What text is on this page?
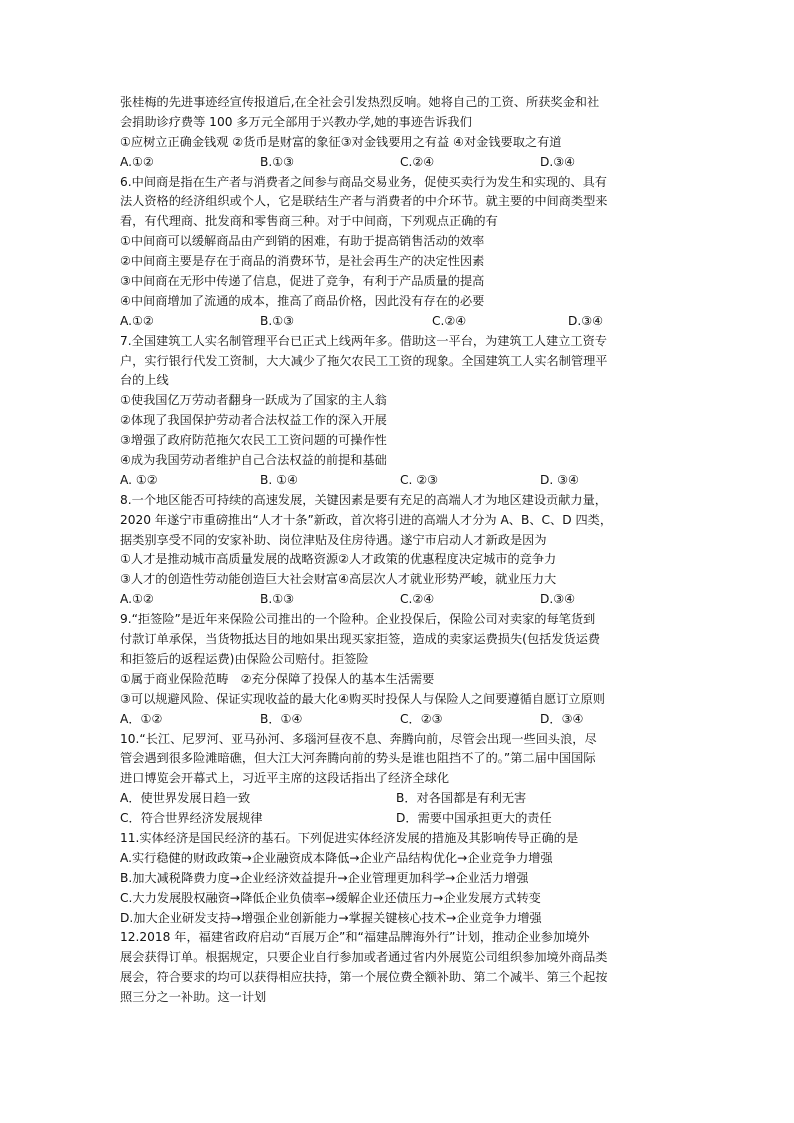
张桂梅的先进事迹经宣传报道后,在全社会引发热烈反响。她将自己的工资、所获奖金和社
会捐助诊疗费等 100 多万元全部用于兴教办学,她的事迹告诉我们
①应树立正确金钱观 ②货币是财富的象征③对金钱要用之有益 ④对金钱要取之有道
A.①②	B.①③	C.②④	D.③④
6.中间商是指在生产者与消费者之间参与商品交易业务，促使买卖行为发生和实现的、具有
法人资格的经济组织或个人，它是联结生产者与消费者的中介环节。就主要的中间商类型来
看，有代理商、批发商和零售商三种。对于中间商，下列观点正确的有
①中间商可以缓解商品由产到销的困难，有助于提高销售活动的效率
②中间商主要是存在于商品的消费环节，是社会再生产的决定性因素
③中间商在无形中传递了信息，促进了竞争，有利于产品质量的提高
④中间商增加了流通的成本，推高了商品价格，因此没有存在的必要
A.①②	B.①③	C.②④	D.③④
7.全国建筑工人实名制管理平台已正式上线两年多。借助这一平台，为建筑工人建立工资专
户，实行银行代发工资制，大大减少了拖欠农民工工资的现象。全国建筑工人实名制管理平
台的上线
①使我国亿万劳动者翻身一跃成为了国家的主人翁
②体现了我国保护劳动者合法权益工作的深入开展
③增强了政府防范拖欠农民工工资问题的可操作性
④成为我国劳动者维护自己合法权益的前提和基础
A. ①②	B. ①④	C. ②③	D. ③④
8.一个地区能否可持续的高速发展，关键因素是要有充足的高端人才为地区建设贡献力量，
2020 年遂宁市重磅推出“人才十条”新政，首次将引进的高端人才分为 A、B、C、D 四类，
据类别享受不同的安家补助、岗位津贴及住房待遇。遂宁市启动人才新政是因为
①人才是推动城市高质量发展的战略资源②人才政策的优惠程度决定城市的竞争力
③人才的创造性劳动能创造巨大社会财富④高层次人才就业形势严峻，就业压力大
A.①②	B.①③	C.②④	D.③④
9.“拒签险”是近年来保险公司推出的一个险种。企业投保后，保险公司对卖家的每笔货到
付款订单承保，当货物抵达目的地如果出现买家拒签，造成的卖家运费损失(包括发货运费
和拒签后的返程运费)由保险公司赔付。拒签险
①属于商业保险范畴　②充分保障了投保人的基本生活需要
③可以规避风险、保证实现收益的最大化④购买时投保人与保险人之间要遵循自愿订立原则
A．①②	B．①④	C．②③	D．③④
10.“长江、尼罗河、亚马孙河、多瑙河昼夜不息、奔腾向前，尽管会出现一些回头浪，尽
管会遇到很多险滩暗礁，但大江大河奔腾向前的势头是谁也阻挡不了的。”第二届中国国际
进口博览会开幕式上，习近平主席的这段话指出了经济全球化
A．使世界发展日趋一致	B．对各国都是有利无害
C．符合世界经济发展规律	D．需要中国承担更大的责任
11.实体经济是国民经济的基石。下列促进实体经济发展的措施及其影响传导正确的是
A.实行稳健的财政政策→企业融资成本降低→企业产品结构优化→企业竞争力增强
B.加大减税降费力度→企业经济效益提升→企业管理更加科学→企业活力增强
C.大力发展股权融资→降低企业负债率→缓解企业还债压力→企业发展方式转变
D.加大企业研发支持→增强企业创新能力→掌握关键核心技术→企业竞争力增强
12.2018 年，福建省政府启动“百展万企”和“福建品牌海外行”计划，推动企业参加境外
展会获得订单。根据规定，只要企业自行参加或者通过省内外展览公司组织参加境外商品类
展会，符合要求的均可以获得相应扶持，第一个展位费全额补助、第二个减半、第三个起按
照三分之一补助。这一计划
